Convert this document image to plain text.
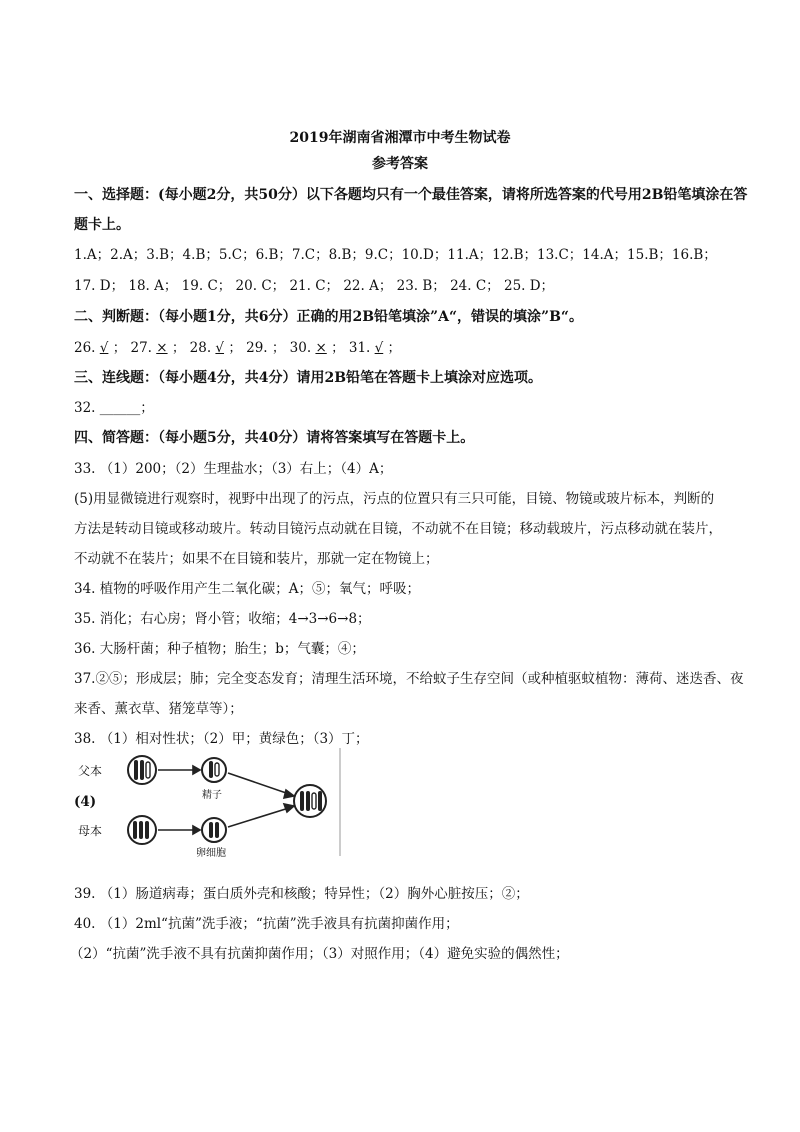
2019年湖南省湘潭市中考生物试卷
参考答案
一、选择题：(每小题2分，共50分）以下各题均只有一个最佳答案，请将所选答案的代号用2B铅笔填涂在答
题卡上。
1.A；2.A；3.B；4.B；5.C；6.B；7.C；8.B；9.C；10.D；11.A；12.B；13.C；14.A；15.B；16.B；
17. D； 18. A； 19. C； 20. C； 21. C； 22. A； 23. B； 24. C； 25. D；
二、判断题：（每小题1分，共6分）正确的用2B铅笔填涂”A“，错误的填涂”B“。
26. √ ； 27. × ； 28. √ ； 29. ； 30. × ； 31. √ ；
三、连线题：（每小题4分，共4分）请用2B铅笔在答题卡上填涂对应选项。
32. ______；
四、简答题：（每小题5分，共40分）请将答案填写在答题卡上。
33. （1）200；（2）生理盐水；（3）右上；（4）A；
(5)用显微镜进行观察时，视野中出现了的污点，污点的位置只有三只可能，目镜、物镜或玻片标本，判断的
方法是转动目镜或移动玻片。转动目镜污点动就在目镜，不动就不在目镜；移动载玻片，污点移动就在装片，
不动就不在装片；如果不在目镜和装片，那就一定在物镜上；
34. 植物的呼吸作用产生二氧化碳；A；⑤；氧气；呼吸；
35. 消化；右心房；肾小管；收缩；4→3→6→8；
36. 大肠杆菌；种子植物；胎生；b；气囊；④；
37.②⑤；形成层；肺；完全变态发育；清理生活环境，不给蚊子生存空间（或种植驱蚊植物：薄荷、迷迭香、夜
来香、薰衣草、猪笼草等）；
38. （1）相对性状；（2）甲；黄绿色；（3）丁；
父本
母本
精子
卵细胞
(4)
39. （1）肠道病毒；蛋白质外壳和核酸；特异性；（2）胸外心脏按压；②；
40. （1）2ml“抗菌”洗手液；“抗菌”洗手液具有抗菌抑菌作用；
（2）“抗菌”洗手液不具有抗菌抑菌作用；（3）对照作用；（4）避免实验的偶然性；
